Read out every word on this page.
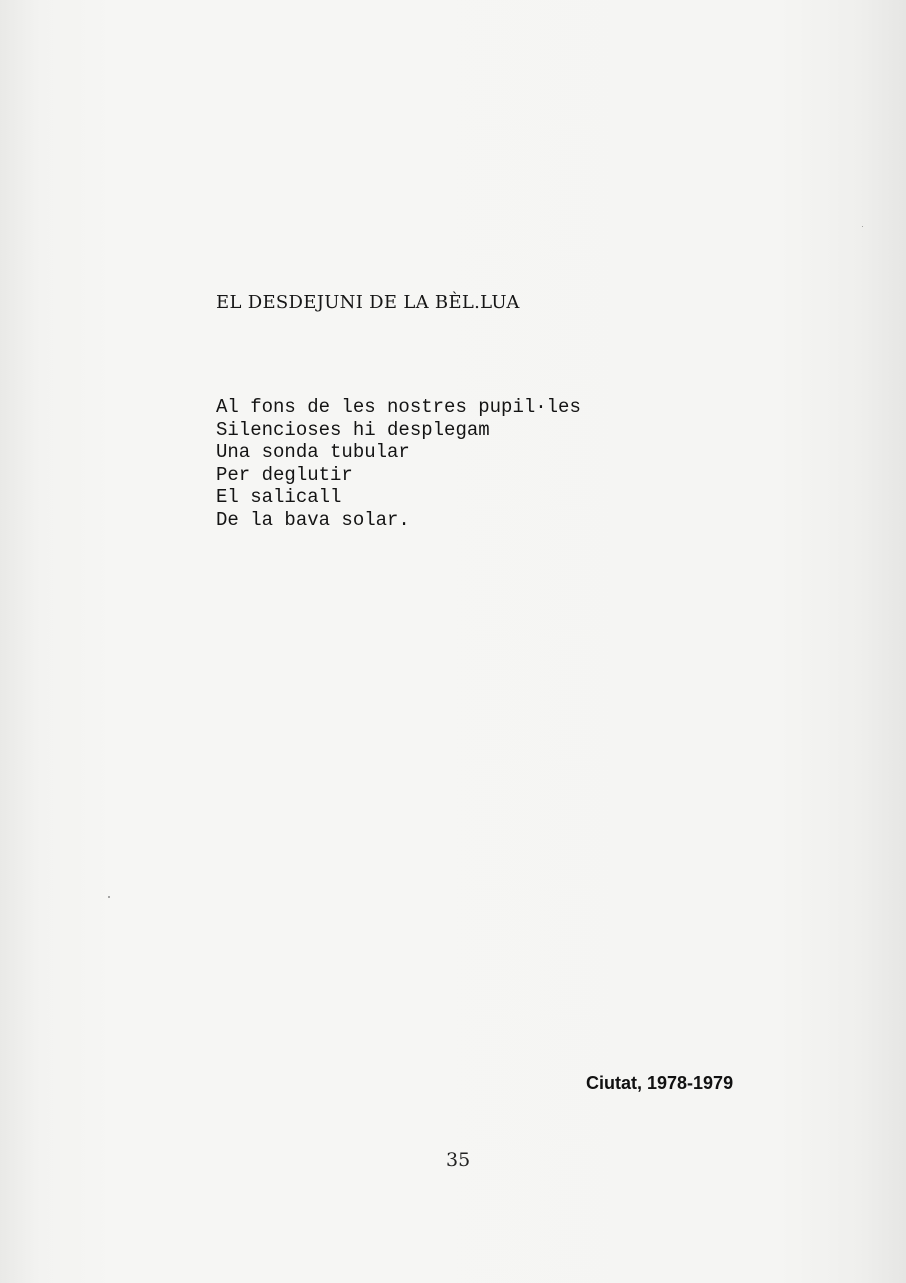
EL DESDEJUNI DE LA BÈL.LUA
Al fons de les nostres pupil·les
Silencioses hi desplegam
Una sonda tubular
Per deglutir
El salicall
De la bava solar.
Ciutat, 1978-1979
35
